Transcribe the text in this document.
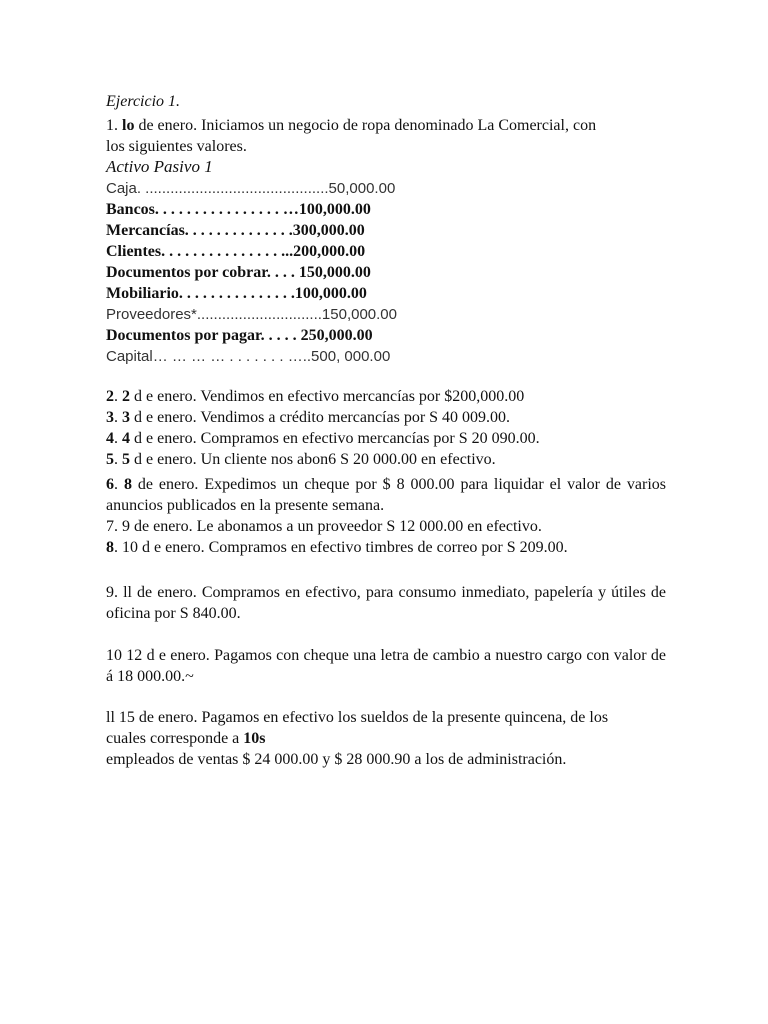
Ejercicio 1.
1. lo de enero. Iniciamos un negocio de ropa denominado La Comercial, con
los siguientes valores.
Activo Pasivo 1
Caja. ............................................50,000.00
Bancos. . . . . . . . . . . . . . . . …100,000.00
Mercancías. . . . . . . . . . . . . .300,000.00
Clientes. . . . . . . . . . . . . . . ...200,000.00
Documentos por cobrar. . . . 150,000.00
Mobiliario. . . . . . . . . . . . . . .100,000.00
Proveedores*..............................150,000.00
Documentos por pagar. . . . . 250,000.00
Capital… … … … . . . . . . . …..500, 000.00
2. 2 d e enero. Vendimos en efectivo mercancías por $200,000.00
3. 3 d e enero. Vendimos a crédito mercancías por S 40 009.00.
4. 4 d e enero. Compramos en efectivo mercancías por S 20 090.00.
5. 5 d e enero. Un cliente nos abon6 S 20 000.00 en efectivo.
6. 8 de enero. Expedimos un cheque por $ 8 000.00 para liquidar el valor de varios anuncios publicados en la presente semana.
7. 9 de enero. Le abonamos a un proveedor S 12 000.00 en efectivo.
8. 10 d e enero. Compramos en efectivo timbres de correo por S 209.00.
9. ll de enero. Compramos en efectivo, para consumo inmediato, papelería y útiles de oficina por S 840.00.
10 12 d e enero. Pagamos con cheque una letra de cambio a nuestro cargo con valor de á 18 000.00.~
ll 15 de enero. Pagamos en efectivo los sueldos de la presente quincena, de los
cuales corresponde a 10s
empleados de ventas $ 24 000.00 y $ 28 000.90 a los de administración.
